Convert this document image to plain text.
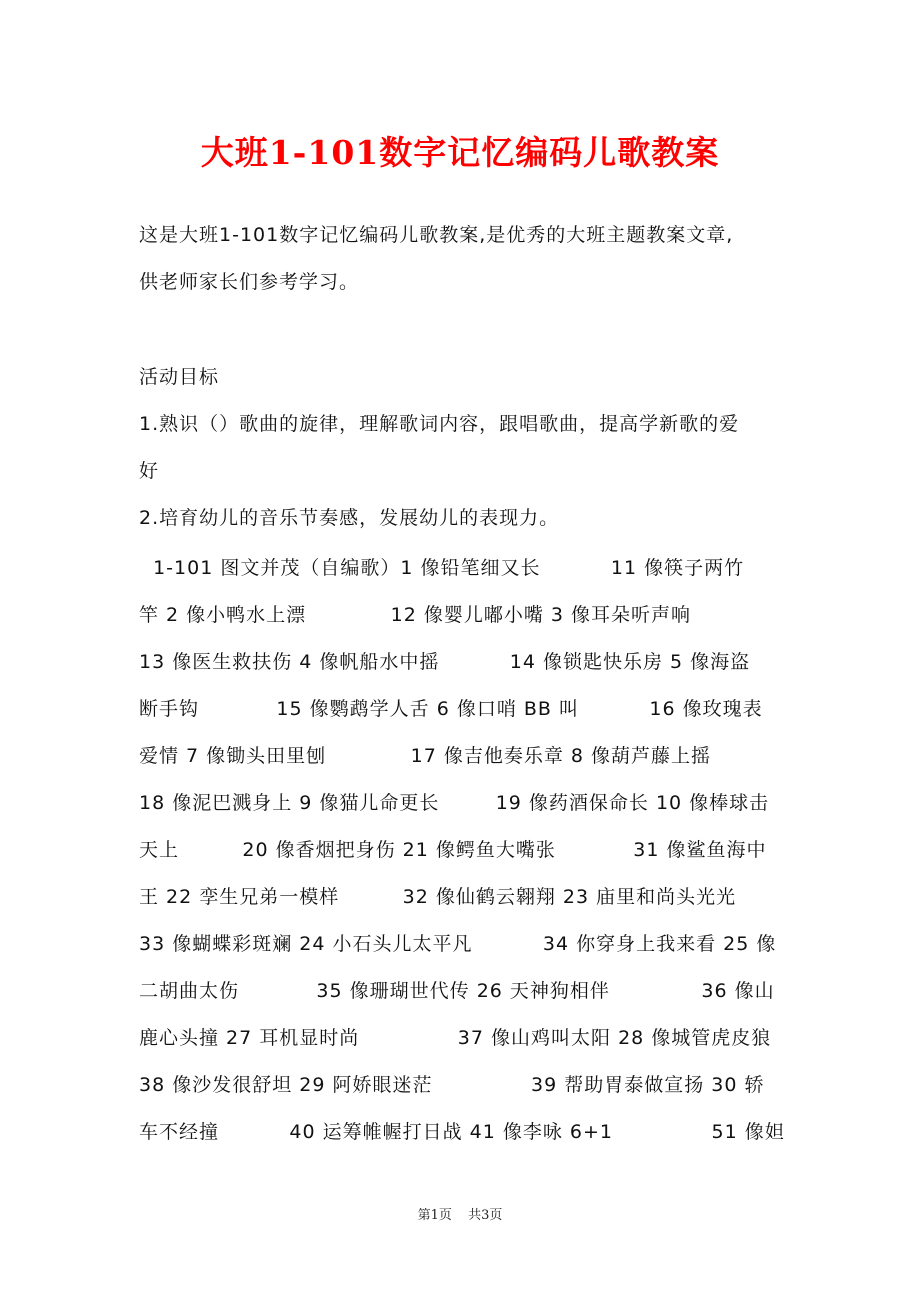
大班1-101数字记忆编码儿歌教案
这是大班1-101数字记忆编码儿歌教案,是优秀的大班主题教案文章,
供老师家长们参考学习。
活动目标
1.熟识（）歌曲的旋律，理解歌词内容，跟唱歌曲，提高学新歌的爱
好
2.培育幼儿的音乐节奏感，发展幼儿的表现力。
1-101 图文并茂（自编歌）1 像铅笔细又长          11 像筷子两竹
竿 2 像小鸭水上漂            12 像婴儿嘟小嘴 3 像耳朵听声响
13 像医生救扶伤 4 像帆船水中摇          14 像锁匙快乐房 5 像海盗
断手钩           15 像鹦鹉学人舌 6 像口哨 BB 叫          16 像玫瑰表
爱情 7 像锄头田里刨            17 像吉他奏乐章 8 像葫芦藤上摇
18 像泥巴溅身上 9 像猫儿命更长        19 像药酒保命长 10 像棒球击
天上         20 像香烟把身伤 21 像鳄鱼大嘴张           31 像鲨鱼海中
王 22 孪生兄弟一模样         32 像仙鹤云翱翔 23 庙里和尚头光光
33 像蝴蝶彩斑斓 24 小石头儿太平凡          34 你穿身上我来看 25 像
二胡曲太伤           35 像珊瑚世代传 26 天神狗相伴             36 像山
鹿心头撞 27 耳机显时尚              37 像山鸡叫太阳 28 像城管虎皮狼
38 像沙发很舒坦 29 阿娇眼迷茫              39 帮助胃泰做宣扬 30 轿
车不经撞          40 运筹帷幄打日战 41 像李咏 6+1              51 像妲
第1页 共3页
